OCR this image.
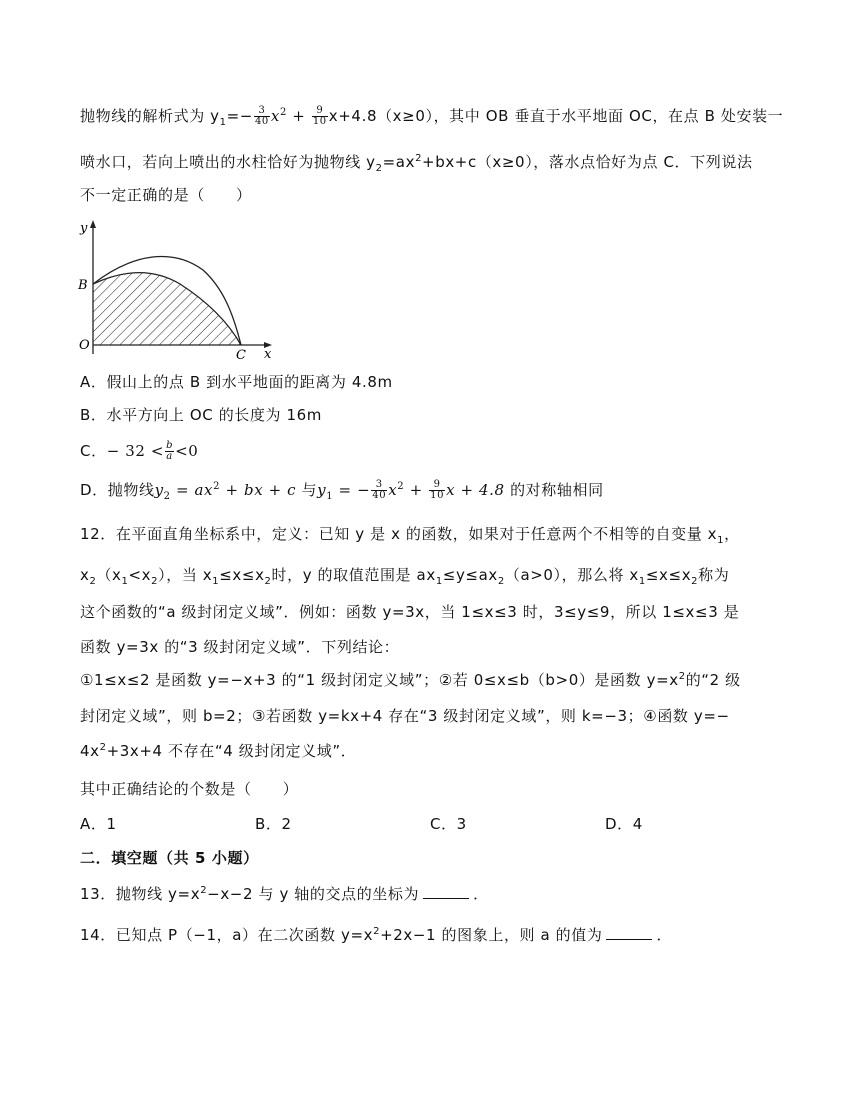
抛物线的解析式为 $y_1=- \frac{3}{40} x^2 + \frac{9}{10} x+4.8(x\ge 0)$，其中 OB 垂直于水平地面 OC，在点 B 处安装一
喷水口，若向上喷出的水柱恰好为抛物线 $y_2=ax^2+bx+c(x\ge 0)$，落水点恰好为点 C．下列说法
不一定正确的是（　　）
y
x
O
B
C
A．假山上的点 B 到水平地面的距离为 4.8m
B．水平方向上 OC 的长度为 16m
C．− $32 < \frac{b}{a} <0$
D．抛物线$y_2 = ax^2$ + bx + c 与$y_1$ = − $\frac{3}{40} x^2 + \frac{9}{10}$ x + 4.8 的对称轴相同
12．在平面直角坐标系中，定义：已知 y 是 x 的函数，如果对于任意两个不相等的自变量 $x_1$，
$x_2(x_1<x_2)$，当 $x_1\le x\le x_2$时，y 的取值范围是 $ax_1\le y\le ax_2(a>0)$，那么将 $x_1\le x\le x_2$称为
这个函数的“a 级封闭定义域”．例如：函数 y=3x，当 1≤x≤3 时，3≤y≤9，所以 1≤x≤3 是
函数 y=3x 的“3 级封闭定义域”．下列结论：
①1≤x≤2 是函数 y=−x+3 的“1 级封闭定义域”；②若 0≤x≤b（b>0）是函数 $y=x^2$的“2 级
封闭定义域”，则 b=2；③若函数 y=kx+4 存在“3 级封闭定义域”，则 k=−3；④函数 y=−
$4x^2+3x+4$ 不存在“4 级封闭定义域”．
其中正确结论的个数是（　　）
A．1	B．2	C．3	D．4
二．填空题（共 5 小题）
13．抛物线 $y=x^2-x-2$ 与 y 轴的交点的坐标为	．
14．已知点 P（−1，a）在二次函数 $y=x^2+2x-1$ 的图象上，则 a 的值为	．
